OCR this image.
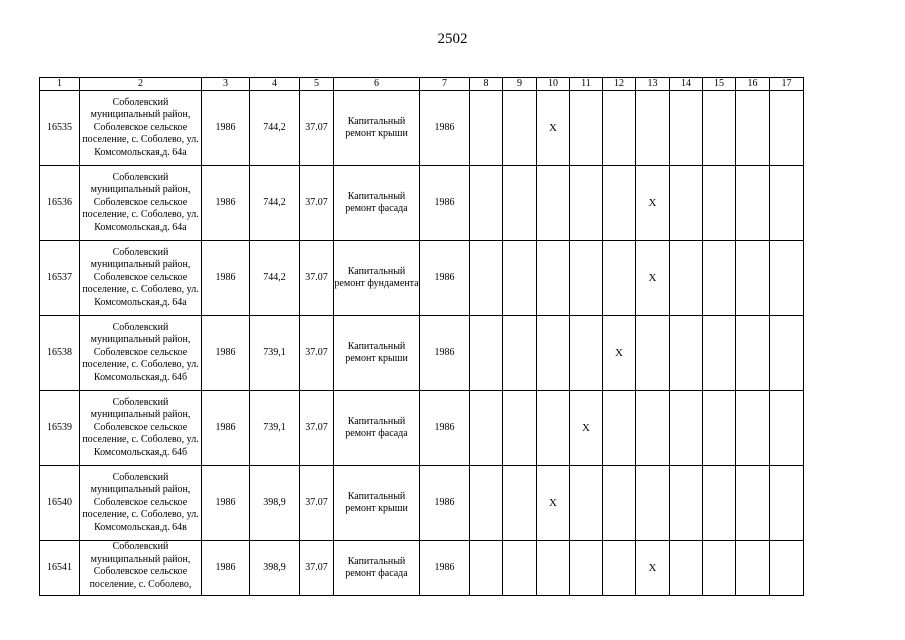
2502
1	2	3	4	5	6	7	8	9	10	11	12	13	14	15	16	17
16535	Соболевский муниципальный район, Соболевское сельское поселение, с. Соболево, ул. Комсомольская,д. 64а	1986	744,2	37.07	Капитальный ремонт крыши	1986			X							
16536	Соболевский муниципальный район, Соболевское сельское поселение, с. Соболево, ул. Комсомольская,д. 64а	1986	744,2	37.07	Капитальный ремонт фасада	1986						X				
16537	Соболевский муниципальный район, Соболевское сельское поселение, с. Соболево, ул. Комсомольская,д. 64а	1986	744,2	37.07	Капитальный ремонт фундамента	1986						X				
16538	Соболевский муниципальный район, Соболевское сельское поселение, с. Соболево, ул. Комсомольская,д. 64б	1986	739,1	37.07	Капитальный ремонт крыши	1986					X					
16539	Соболевский муниципальный район, Соболевское сельское поселение, с. Соболево, ул. Комсомольская,д. 64б	1986	739,1	37.07	Капитальный ремонт фасада	1986				X						
16540	Соболевский муниципальный район, Соболевское сельское поселение, с. Соболево, ул. Комсомольская,д. 64в	1986	398,9	37.07	Капитальный ремонт крыши	1986			X							
16541	Соболевский муниципальный район, Соболевское сельское поселение, с. Соболево,	1986	398,9	37.07	Капитальный ремонт фасада	1986						X				
